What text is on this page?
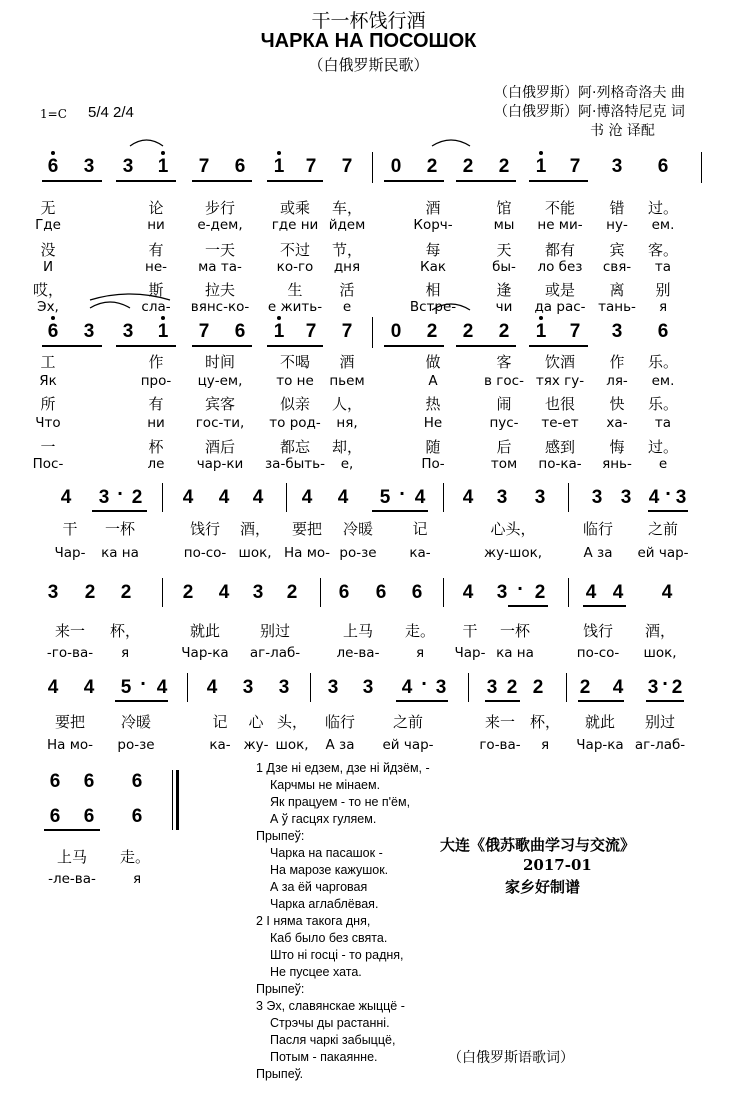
干一杯饯行酒
ЧАРКА НА ПОСОШОК
（白俄罗斯民歌）
（白俄罗斯）阿·列格奇洛夫 曲
（白俄罗斯）阿·博洛特尼克 词
书 沧 译配
1=C 5/4 2/4
6 3 3 1 7 6 1 7 7 0 2 2 2 1 7 3 6
无	论	步行	或乘 车，	酒	馆 不能 错 过。
Где	ни е-дем, где ни йдем	Корч-	мы не ми- ну- ем.
没	有	一天	不过 节，	每	天 都有 宾 客。
И	не- ма та-	ко-го дня	Как	бы- ло без свя- та
哎，	斯	拉夫	生 活	相	逢 或是 离 别
Эх,	сла- вянс-ко- е жить- е	Встре-	чи да рас- тань- я
6 3 3 1 7 6 1 7 7 0 2 2 2 1 7 3 6
工	作	时间	不喝 酒	做	客 饮酒 作 乐。
Як	про- цу-ем,	то не пьем	А	в гос- тях гу- ля- ем.
所	有	宾客	似亲 人，	热	闹 也很 快 乐。
Что	ни гос-ти, то род- ня,	Не	пус- те-ет ха- та
一	杯	酒后	都忘 却，	随	后 感到 悔 过。
Пос-	ле чар-ки за-быть- е,	По-	том по-ка- янь- е
4 3 2 4 4 4 4 4 5 4 4 3 3 3 3 4 3
·	·	·
干 一杯	饯行 酒， 要把 冷暖	记	心头，	临行 之前
Чар- ка на	по-со- шок, На мо- ро-зе ка-	жу-шок,	А за ей чар-
3 2 2	2 4 3 2 6 6 6 4 3 2 4 4 4
·
来一 杯，	就此	别过	上马 走。 干 一杯	饯行 酒，
-го-ва- я	Чар-ка аг-лаб-	ле-ва-	я Чар- ка на	по-со- шок,
4 4 5 4 4 3 3 3 3 4 3 3 2 2 2 4 3 2
·	·	·
要把 冷暖	记 心 头， 临行	之前	来一 杯， 就此 别过
На мо- ро-зе	ка- жу- шок, А за ей чар-	го-ва- я Чар-ка аг-лаб-
6 6 6
6 6 6
上马 走。
-ле-ва-	я
1 Дзе ні едзем, дзе ні йдзём, -
Карчмы не мінаем.
Як працуем - то не п'ём,
А ў гасцях гуляем.
Прыпеў:
Чарка на пасашок -
На марозе кажушок.
А за ёй чарговая
Чарка аглаблёвая.
2 І няма такога дня,
Каб было без свята.
Што ні госці - то радня,
Не пусцее хата.
Прыпеў:
3 Эх, славянскае жыццё -
Стрэчы ды растанні.
Пасля чаркі забыццё,
Потым - пакаянне.
Прыпеў.
大连《俄苏歌曲学习与交流》
2017-01
家乡好制谱
（白俄罗斯语歌词）
